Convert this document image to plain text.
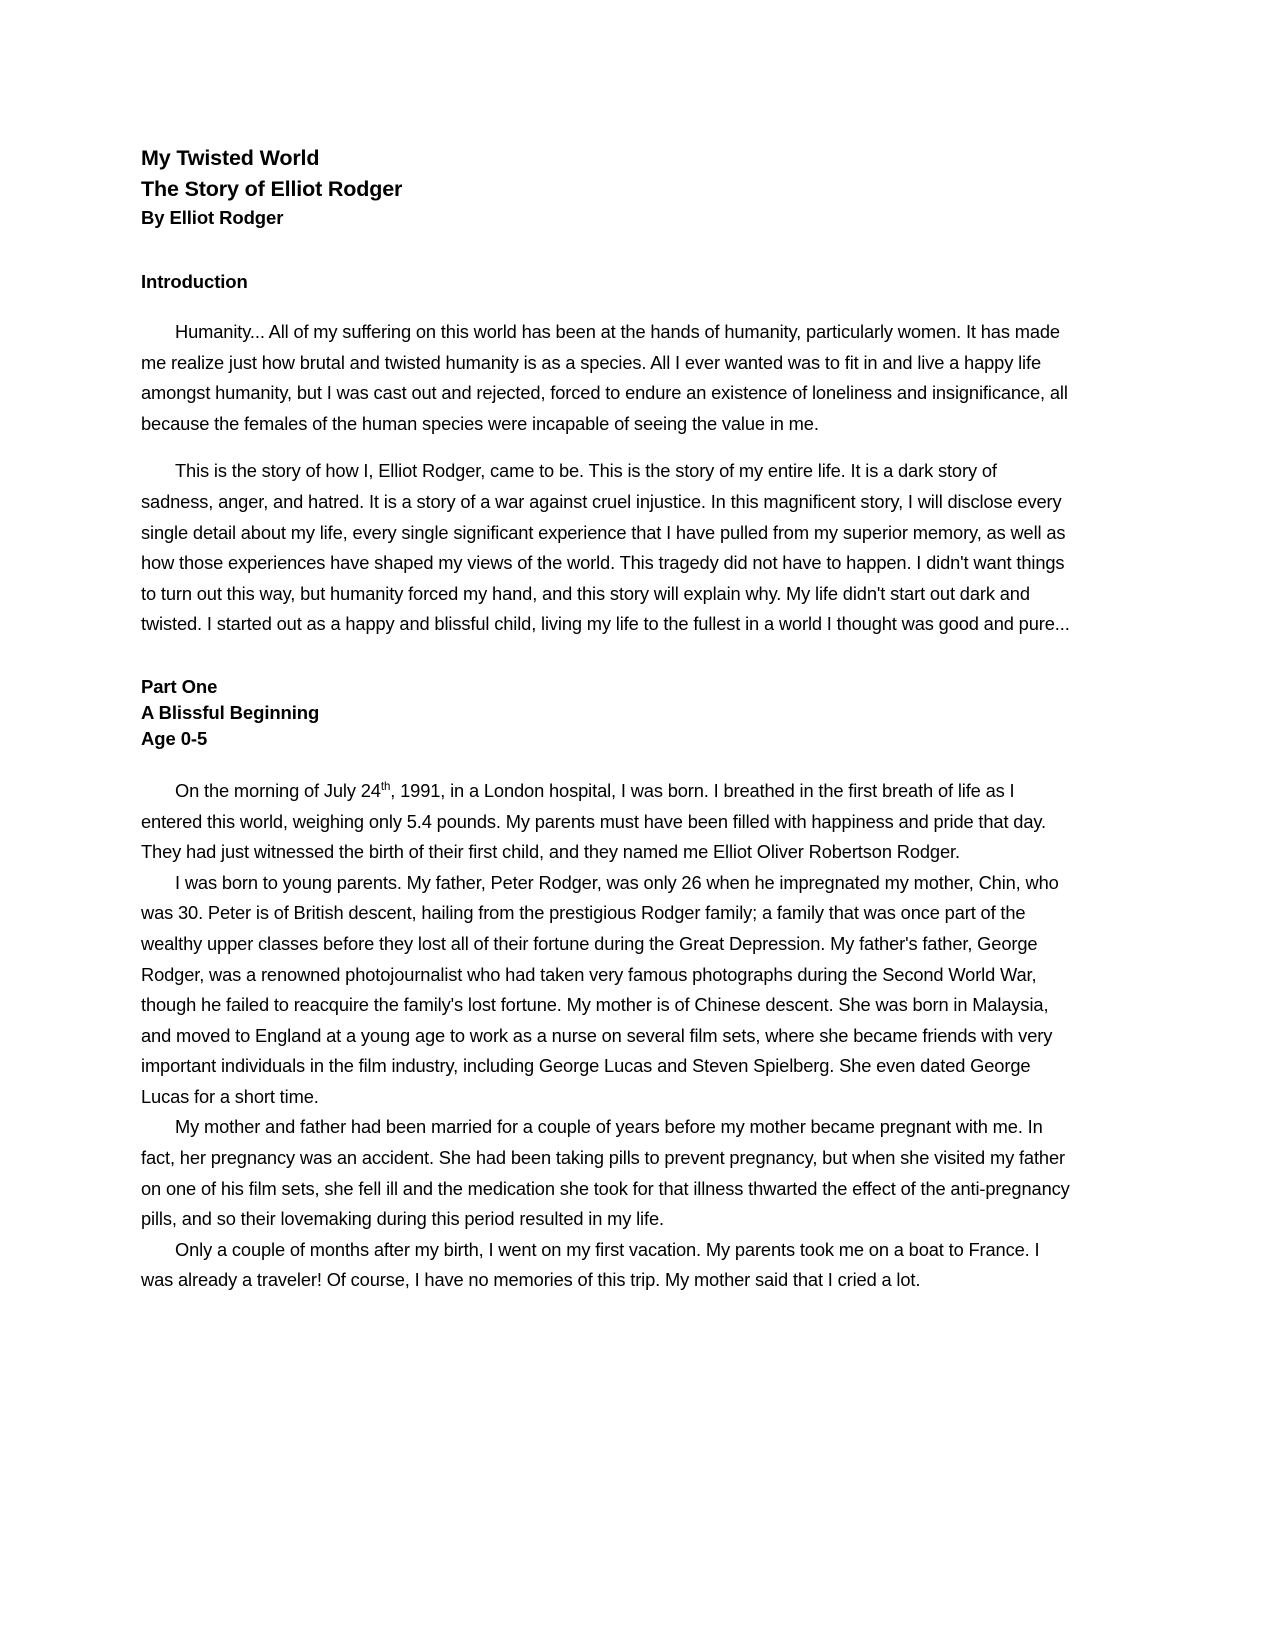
My Twisted World
The Story of Elliot Rodger
By Elliot Rodger
Introduction

Humanity... All of my suffering on this world has been at the hands of humanity, particularly women. It has made me realize just how brutal and twisted humanity is as a species. All I ever wanted was to fit in and live a happy life amongst humanity, but I was cast out and rejected, forced to endure an existence of loneliness and insignificance, all because the females of the human species were incapable of seeing the value in me.

This is the story of how I, Elliot Rodger, came to be. This is the story of my entire life. It is a dark story of sadness, anger, and hatred. It is a story of a war against cruel injustice. In this magnificent story, I will disclose every single detail about my life, every single significant experience that I have pulled from my superior memory, as well as how those experiences have shaped my views of the world. This tragedy did not have to happen. I didn't want things to turn out this way, but humanity forced my hand, and this story will explain why. My life didn't start out dark and twisted. I started out as a happy and blissful child, living my life to the fullest in a world I thought was good and pure...

Part One
A Blissful Beginning
Age 0-5

On the morning of July 24th, 1991, in a London hospital, I was born. I breathed in the first breath of life as I entered this world, weighing only 5.4 pounds. My parents must have been filled with happiness and pride that day. They had just witnessed the birth of their first child, and they named me Elliot Oliver Robertson Rodger.

I was born to young parents. My father, Peter Rodger, was only 26 when he impregnated my mother, Chin, who was 30. Peter is of British descent, hailing from the prestigious Rodger family; a family that was once part of the wealthy upper classes before they lost all of their fortune during the Great Depression. My father's father, George Rodger, was a renowned photojournalist who had taken very famous photographs during the Second World War, though he failed to reacquire the family's lost fortune. My mother is of Chinese descent. She was born in Malaysia, and moved to England at a young age to work as a nurse on several film sets, where she became friends with very important individuals in the film industry, including George Lucas and Steven Spielberg. She even dated George Lucas for a short time.

My mother and father had been married for a couple of years before my mother became pregnant with me. In fact, her pregnancy was an accident. She had been taking pills to prevent pregnancy, but when she visited my father on one of his film sets, she fell ill and the medication she took for that illness thwarted the effect of the anti-pregnancy pills, and so their lovemaking during this period resulted in my life.

Only a couple of months after my birth, I went on my first vacation. My parents took me on a boat to France. I was already a traveler! Of course, I have no memories of this trip. My mother said that I cried a lot.
